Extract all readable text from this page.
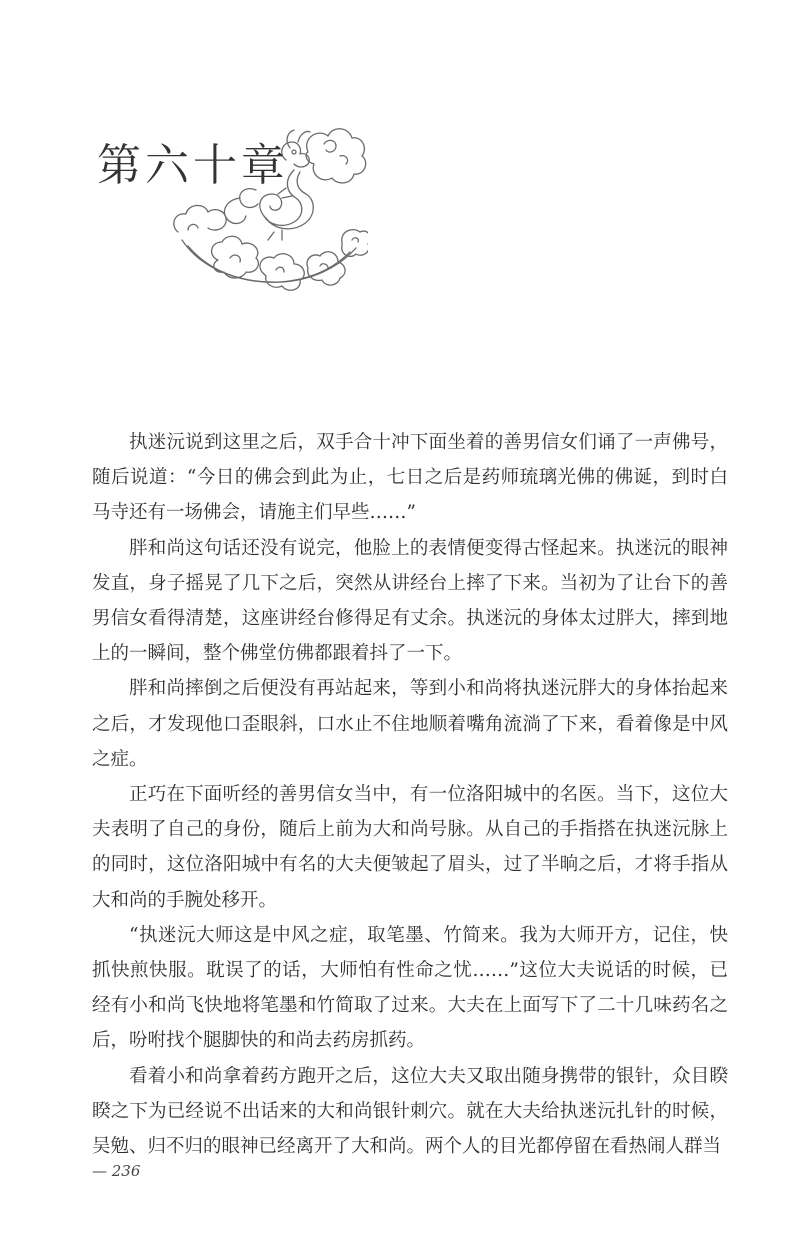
第六十章

执迷沅说到这里之后，双手合十冲下面坐着的善男信女们诵了一声佛号，随后说道：“今日的佛会到此为止，七日之后是药师琉璃光佛的佛诞，到时白马寺还有一场佛会，请施主们早些……”

胖和尚这句话还没有说完，他脸上的表情便变得古怪起来。执迷沅的眼神发直，身子摇晃了几下之后，突然从讲经台上摔了下来。当初为了让台下的善男信女看得清楚，这座讲经台修得足有丈余。执迷沅的身体太过胖大，摔到地上的一瞬间，整个佛堂仿佛都跟着抖了一下。

胖和尚摔倒之后便没有再站起来，等到小和尚将执迷沅胖大的身体抬起来之后，才发现他口歪眼斜，口水止不住地顺着嘴角流淌了下来，看着像是中风之症。

正巧在下面听经的善男信女当中，有一位洛阳城中的名医。当下，这位大夫表明了自己的身份，随后上前为大和尚号脉。从自己的手指搭在执迷沅脉上的同时，这位洛阳城中有名的大夫便皱起了眉头，过了半晌之后，才将手指从大和尚的手腕处移开。

“执迷沅大师这是中风之症，取笔墨、竹简来。我为大师开方，记住，快抓快煎快服。耽误了的话，大师怕有性命之忧……”这位大夫说话的时候，已经有小和尚飞快地将笔墨和竹简取了过来。大夫在上面写下了二十几味药名之后，吩咐找个腿脚快的和尚去药房抓药。

看着小和尚拿着药方跑开之后，这位大夫又取出随身携带的银针，众目睽睽之下为已经说不出话来的大和尚银针刺穴。就在大夫给执迷沅扎针的时候，吴勉、归不归的眼神已经离开了大和尚。两个人的目光都停留在看热闹人群当

— 236
